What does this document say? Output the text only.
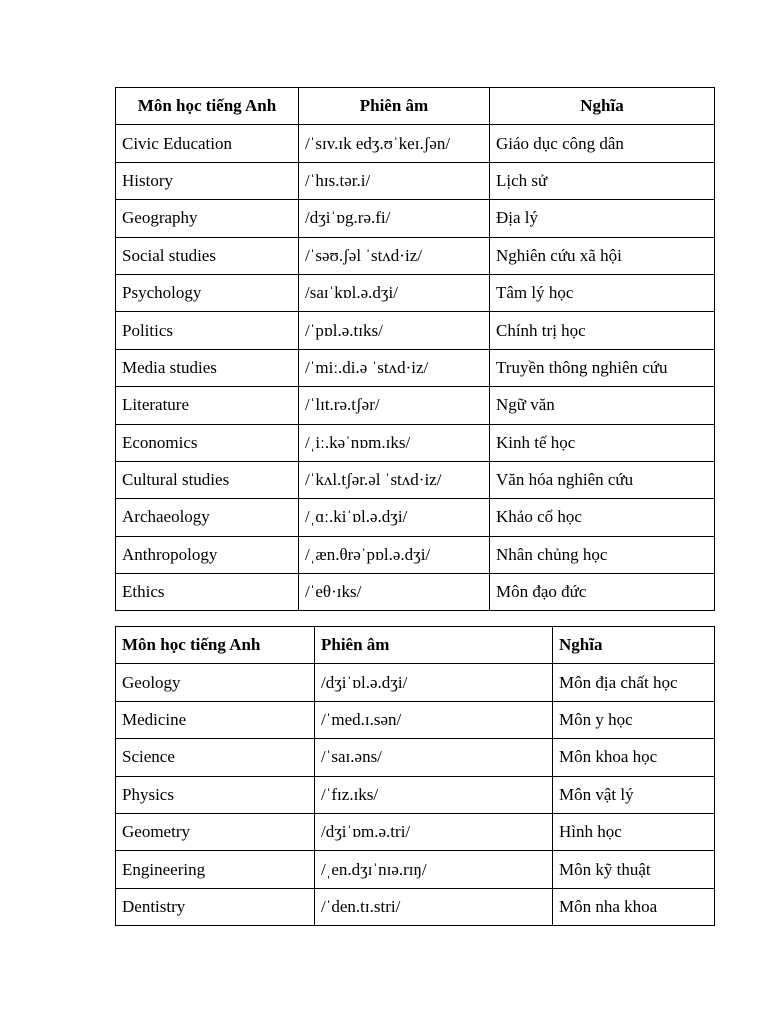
Môn học tiếng Anh	Phiên âm	Nghĩa
Civic Education	/ˈsɪv.ɪk edʒ.ʊˈkeɪ.ʃən/	Giáo dục công dân
History	/ˈhɪs.tər.i/	Lịch sử
Geography	/dʒiˈɒg.rə.fi/	Địa lý
Social studies	/ˈsəʊ.ʃəl ˈstʌd·iz/	Nghiên cứu xã hội
Psychology	/saɪˈkɒl.ə.dʒi/	Tâm lý học
Politics	/ˈpɒl.ə.tɪks/	Chính trị học
Media studies	/ˈmiː.di.ə ˈstʌd·iz/	Truyền thông nghiên cứu
Literature	/ˈlɪt.rə.tʃər/	Ngữ văn
Economics	/ˌiː.kəˈnɒm.ɪks/	Kinh tế học
Cultural studies	/ˈkʌl.tʃər.əl ˈstʌd·iz/	Văn hóa nghiên cứu
Archaeology	/ˌɑː.kiˈɒl.ə.dʒi/	Khảo cổ học
Anthropology	/ˌæn.θrəˈpɒl.ə.dʒi/	Nhân chủng học
Ethics	/ˈeθ·ɪks/	Môn đạo đức
Môn học tiếng Anh	Phiên âm	Nghĩa
Geology	/dʒiˈɒl.ə.dʒi/	Môn địa chất học
Medicine	/ˈmed.ɪ.sən/	Môn y học
Science	/ˈsaɪ.əns/	Môn khoa học
Physics	/ˈfɪz.ɪks/	Môn vật lý
Geometry	/dʒiˈɒm.ə.tri/	Hình học
Engineering	/ˌen.dʒɪˈnɪə.rɪŋ/	Môn kỹ thuật
Dentistry	/ˈden.tɪ.stri/	Môn nha khoa
